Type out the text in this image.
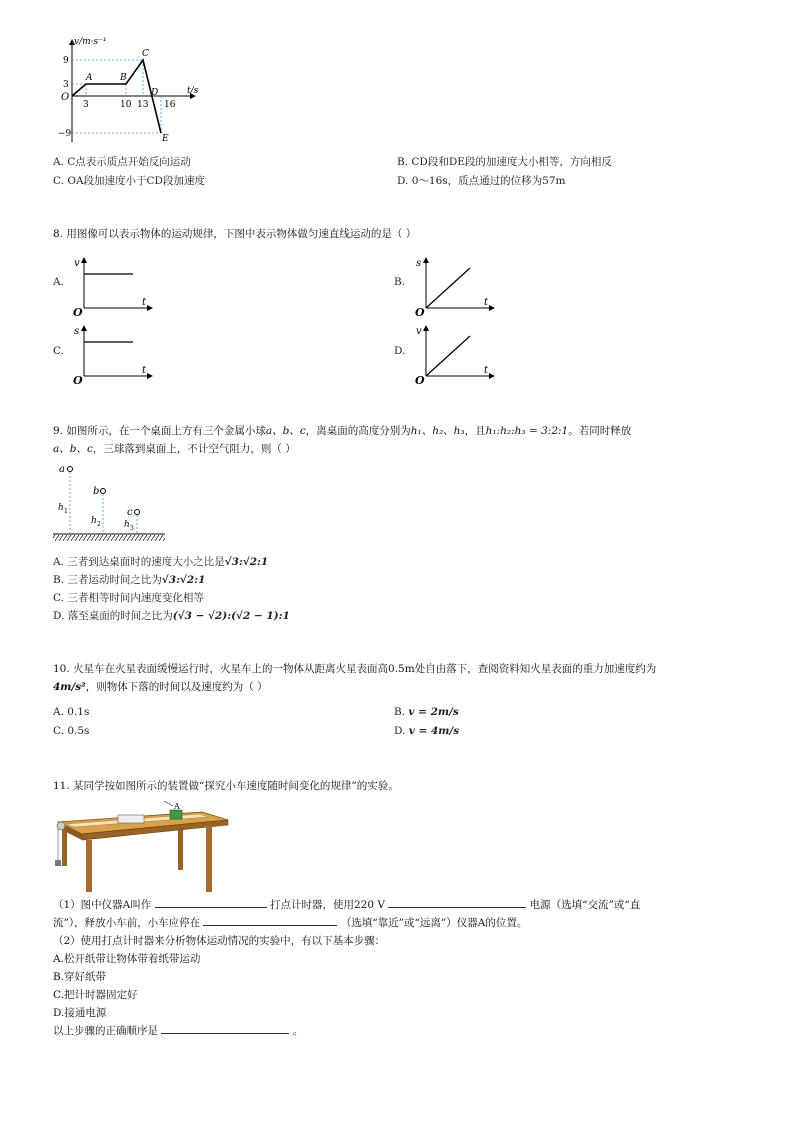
v/m·s⁻¹
t/s
O
9
3
−9
3	10 13 16
A	B
C
D
E
A. C点表示质点开始反向运动	B. CD段和DE段的加速度大小相等，方向相反
C. OA段加速度小于CD段加速度	D. 0～16s，质点通过的位移为57m
8. 用图像可以表示物体的运动规律，下图中表示物体做匀速直线运动的是（ ）
A.
v
t
O
B.
s
t
O
C.
s
t
O
D.
v
t
O
9. 如图所示，在一个桌面上方有三个金属小球a、b、c，离桌面的高度分别为h₁、h₂、h₃，且h₁:h₂:h₃ = 3:2:1。若同时释放
a、b、c，三球落到桌面上，不计空气阻力，则（ ）
a
b
c
h 1
h 2	h 3
A. 三者到达桌面时的速度大小之比是√3:√2:1
B. 三者运动时间之比为√3:√2:1
C. 三者相等时间内速度变化相等
D. 落至桌面的时间之比为(√3 − √2):(√2 − 1):1
10. 火星车在火星表面缓慢运行时，火星车上的一物体从距离火星表面高0.5m处自由落下，查阅资料知火星表面的重力加速度约为
4m/s²，则物体下落的时间以及速度约为（ ）
A. 0.1s	B. v = 2m/s
C. 0.5s	D. v = 4m/s
11. 某同学按如图所示的装置做“探究小车速度随时间变化的规律”的实验。
A
（1）图中仪器A叫作	打点计时器，使用220 V	电源（选填“交流”或“直
流”），释放小车前，小车应停在	（选填“靠近”或“远离”）仪器A的位置。
（2）使用打点计时器来分析物体运动情况的实验中，有以下基本步骤：
A.松开纸带让物体带着纸带运动
B.穿好纸带
C.把计时器固定好
D.接通电源
以上步骤的正确顺序是	。
